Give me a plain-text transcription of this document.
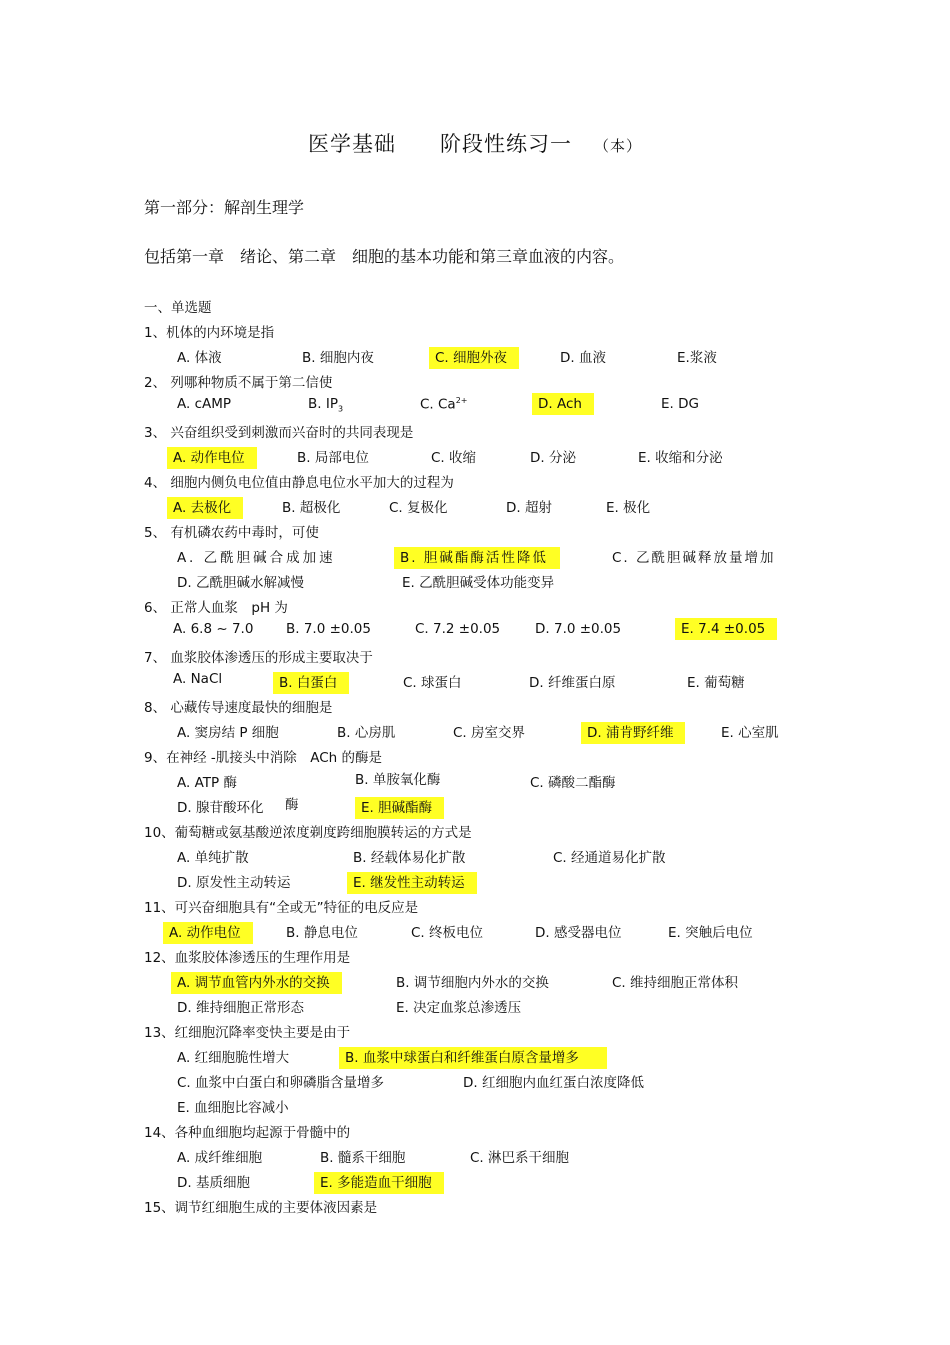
医学基础 阶段性练习一 （本）
第一部分：解剖生理学
包括第一章　绪论、第二章　细胞的基本功能和第三章血液的内容。
一、单选题
1、机体的内环境是指
A. 体液	B. 细胞内夜	C. 细胞外夜	D. 血液	E.浆液
2、 列哪种物质不属于第二信使
A. cAMP	B. $IP_3$	C. $Ca^{2+}$	D. Ach	E. DG
3、 兴奋组织受到刺激而兴奋时的共同表现是
A. 动作电位	B. 局部电位	C. 收缩	D. 分泌	E. 收缩和分泌
4、 细胞内侧负电位值由静息电位水平加大的过程为
A. 去极化	B. 超极化	C. 复极化	D. 超射	E. 极化
5、 有机磷农药中毒时，可使
A. 乙酰胆碱合成加速	B. 胆碱酯酶活性降低	C. 乙酰胆碱释放量增加
D. 乙酰胆碱水解减慢	E. 乙酰胆碱受体功能变异
6、 正常人血浆　pH 为
A. 6.8 ~ 7.0 B. 7.0 ±0.05	C. 7.2 ±0.05	D. 7.0 ±0.05	E. 7.4 ±0.05
7、 血浆胶体渗透压的形成主要取决于
A. NaCl	B. 白蛋白	C. 球蛋白	D. 纤维蛋白原	E. 葡萄糖
8、 心藏传导速度最快的细胞是
A. 窦房结 P 细胞	B. 心房肌	C. 房室交界	D. 浦肯野纤维	E. 心室肌
9、在神经 -肌接头中消除　ACh 的酶是
A. ATP 酶	B. 单胺氧化酶	C. 磷酸二酯酶
D. 腺苷酸环化 酶	E. 胆碱酯酶
10、葡萄糖或氨基酸逆浓度剃度跨细胞膜转运的方式是
A. 单纯扩散	B. 经载体易化扩散	C. 经通道易化扩散
D. 原发性主动转运	E. 继发性主动转运
11、可兴奋细胞具有“全或无”特征的电反应是
A. 动作电位	B. 静息电位	C. 终板电位	D. 感受器电位	E. 突触后电位
12、血浆胶体渗透压的生理作用是
A. 调节血管内外水的交换	B. 调节细胞内外水的交换	C. 维持细胞正常体积
D. 维持细胞正常形态	E. 决定血浆总渗透压
13、红细胞沉降率变快主要是由于
A. 红细胞脆性增大	B. 血浆中球蛋白和纤维蛋白原含量增多
C. 血浆中白蛋白和卵磷脂含量增多	D. 红细胞内血红蛋白浓度降低
E. 血细胞比容减小
14、各种血细胞均起源于骨髓中的
A. 成纤维细胞	B. 髓系干细胞	C. 淋巴系干细胞
D. 基质细胞	E. 多能造血干细胞
15、调节红细胞生成的主要体液因素是
